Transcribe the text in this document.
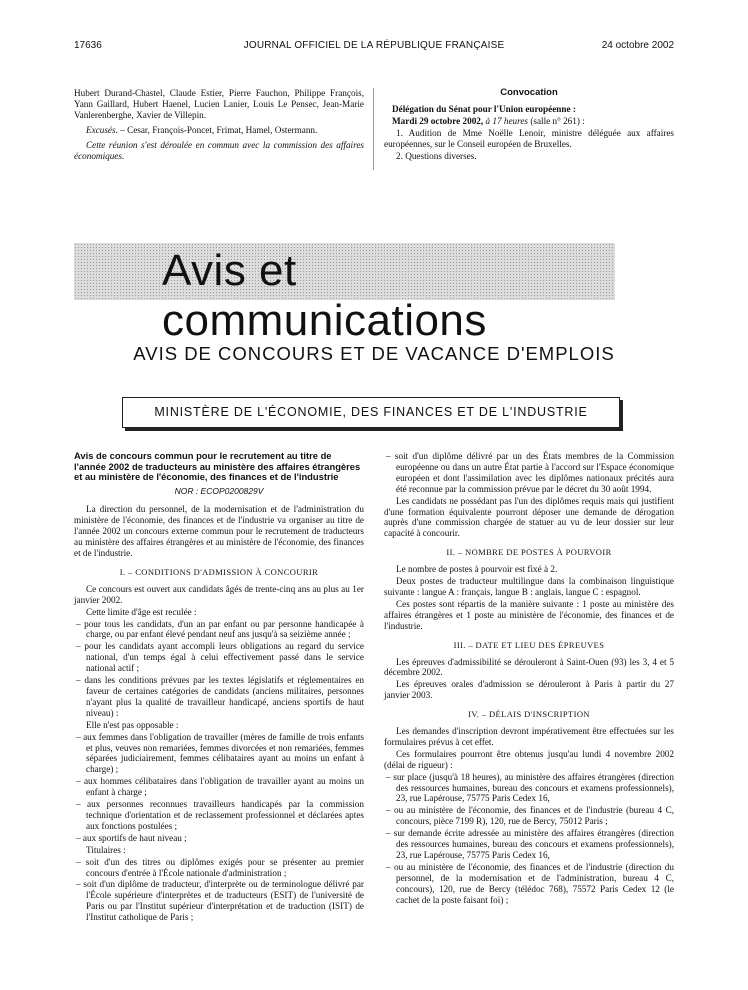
17636	JOURNAL OFFICIEL DE LA RÉPUBLIQUE FRANÇAISE	24 octobre 2002

Hubert Durand-Chastel, Claude Estier, Pierre Fauchon, Philippe François, Yann Gaillard, Hubert Haenel, Lucien Lanier, Louis Le Pensec, Jean-Marie Vanlerenberghe, Xavier de Villepin.

Excusés. – Cesar, François-Poncet, Frimat, Hamel, Ostermann.

Cette réunion s'est déroulée en commun avec la commission des affaires économiques.

Convocation

Délégation du Sénat pour l'Union européenne :

Mardi 29 octobre 2002, à 17 heures (salle n° 261) :

1. Audition de Mme Noëlle Lenoir, ministre déléguée aux affaires européennes, sur le Conseil européen de Bruxelles.

2. Questions diverses.

Avis et communications
AVIS DE CONCOURS ET DE VACANCE D'EMPLOIS
MINISTÈRE DE L'ÉCONOMIE, DES FINANCES ET DE L'INDUSTRIE

Avis de concours commun pour le recrutement au titre de l'année 2002 de traducteurs au ministère des affaires étrangères et au ministère de l'économie, des finances et de l'industrie

NOR : ECOP0200829V

La direction du personnel, de la modernisation et de l'administration du ministère de l'économie, des finances et de l'industrie va organiser au titre de l'année 2002 un concours externe commun pour le recrutement de traducteurs au ministère des affaires étrangères et au ministère de l'économie, des finances et de l'industrie.

I. – CONDITIONS D'ADMISSION À CONCOURIR

Ce concours est ouvert aux candidats âgés de trente-cinq ans au plus au 1er janvier 2002.

Cette limite d'âge est reculée :

– pour tous les candidats, d'un an par enfant ou par personne handicapée à charge, ou par enfant élevé pendant neuf ans jusqu'à sa seizième année ;

– pour les candidats ayant accompli leurs obligations au regard du service national, d'un temps égal à celui effectivement passé dans le service national actif ;

– dans les conditions prévues par les textes législatifs et réglementaires en faveur de certaines catégories de candidats (anciens militaires, personnes n'ayant plus la qualité de travailleur handicapé, anciens sportifs de haut niveau) :

Elle n'est pas opposable :

– aux femmes dans l'obligation de travailler (mères de famille de trois enfants et plus, veuves non remariées, femmes divorcées et non remariées, femmes séparées judiciairement, femmes célibataires ayant au moins un enfant à charge) ;

– aux hommes célibataires dans l'obligation de travailler ayant au moins un enfant à charge ;

– aux personnes reconnues travailleurs handicapés par la commission technique d'orientation et de reclassement professionnel et déclarées aptes aux fonctions postulées ;

– aux sportifs de haut niveau ;

Titulaires :

– soit d'un des titres ou diplômes exigés pour se présenter au premier concours d'entrée à l'École nationale d'administration ;

– soit d'un diplôme de traducteur, d'interprète ou de terminologue délivré par l'École supérieure d'interprètes et de traducteurs (ESIT) de l'université de Paris ou par l'Institut supérieur d'interprétation et de traduction (ISIT) de l'Institut catholique de Paris ;

– soit d'un diplôme délivré par un des États membres de la Commission européenne ou dans un autre État partie à l'accord sur l'Espace économique européen et dont l'assimilation avec les diplômes nationaux précités aura été reconnue par la commission prévue par le décret du 30 août 1994.

Les candidats ne possédant pas l'un des diplômes requis mais qui justifient d'une formation équivalente pourront déposer une demande de dérogation auprès d'une commission chargée de statuer au vu de leur dossier sur leur capacité à concourir.

II. – NOMBRE DE POSTES À POURVOIR

Le nombre de postes à pourvoir est fixé à 2.

Deux postes de traducteur multilingue dans la combinaison linguistique suivante : langue A : français, langue B : anglais, langue C : espagnol.

Ces postes sont répartis de la manière suivante : 1 poste au ministère des affaires étrangères et 1 poste au ministère de l'économie, des finances et de l'industrie.

III. – DATE ET LIEU DES ÉPREUVES

Les épreuves d'admissibilité se dérouleront à Saint-Ouen (93) les 3, 4 et 5 décembre 2002.

Les épreuves orales d'admission se dérouleront à Paris à partir du 27 janvier 2003.

IV. – DÉLAIS D'INSCRIPTION

Les demandes d'inscription devront impérativement être effectuées sur les formulaires prévus à cet effet.

Ces formulaires pourront être obtenus jusqu'au lundi 4 novembre 2002 (délai de rigueur) :

– sur place (jusqu'à 18 heures), au ministère des affaires étrangères (direction des ressources humaines, bureau des concours et examens professionnels), 23, rue Lapérouse, 75775 Paris Cedex 16,

– ou au ministère de l'économie, des finances et de l'industrie (bureau 4 C, concours, pièce 7199 R), 120, rue de Bercy, 75012 Paris ;

– sur demande écrite adressée au ministère des affaires étrangères (direction des ressources humaines, bureau des concours et examens professionnels), 23, rue Lapérouse, 75775 Paris Cedex 16,

– ou au ministère de l'économie, des finances et de l'industrie (direction du personnel, de la modernisation et de l'administration, bureau 4 C, concours), 120, rue de Bercy (télédoc 768), 75572 Paris Cedex 12 (le cachet de la poste faisant foi) ;
